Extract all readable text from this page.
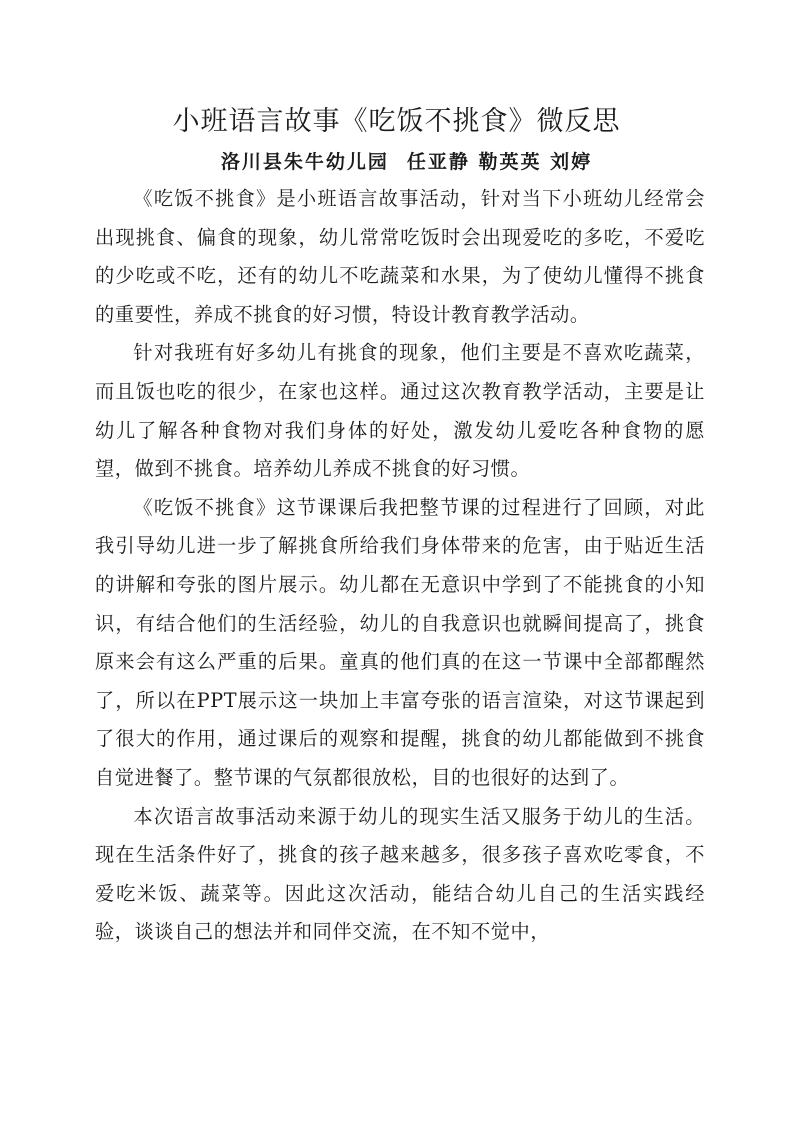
小班语言故事《吃饭不挑食》微反思
洛川县朱牛幼儿园 任亚静 勒英英 刘婷

《吃饭不挑食》是小班语言故事活动，针对当下小班幼儿经常会出现挑食、偏食的现象，幼儿常常吃饭时会出现爱吃的多吃，不爱吃的少吃或不吃，还有的幼儿不吃蔬菜和水果，为了使幼儿懂得不挑食的重要性，养成不挑食的好习惯，特设计教育教学活动。

针对我班有好多幼儿有挑食的现象，他们主要是不喜欢吃蔬菜，而且饭也吃的很少，在家也这样。通过这次教育教学活动，主要是让幼儿了解各种食物对我们身体的好处，激发幼儿爱吃各种食物的愿望，做到不挑食。培养幼儿养成不挑食的好习惯。

《吃饭不挑食》这节课课后我把整节课的过程进行了回顾，对此我引导幼儿进一步了解挑食所给我们身体带来的危害，由于贴近生活的讲解和夸张的图片展示。幼儿都在无意识中学到了不能挑食的小知识，有结合他们的生活经验，幼儿的自我意识也就瞬间提高了，挑食原来会有这么严重的后果。童真的他们真的在这一节课中全部都醒然了，所以在PPT展示这一块加上丰富夸张的语言渲染，对这节课起到了很大的作用，通过课后的观察和提醒，挑食的幼儿都能做到不挑食自觉进餐了。整节课的气氛都很放松，目的也很好的达到了。

本次语言故事活动来源于幼儿的现实生活又服务于幼儿的生活。现在生活条件好了，挑食的孩子越来越多，很多孩子喜欢吃零食，不爱吃米饭、蔬菜等。因此这次活动，能结合幼儿自己的生活实践经验，谈谈自己的想法并和同伴交流，在不知不觉中，
